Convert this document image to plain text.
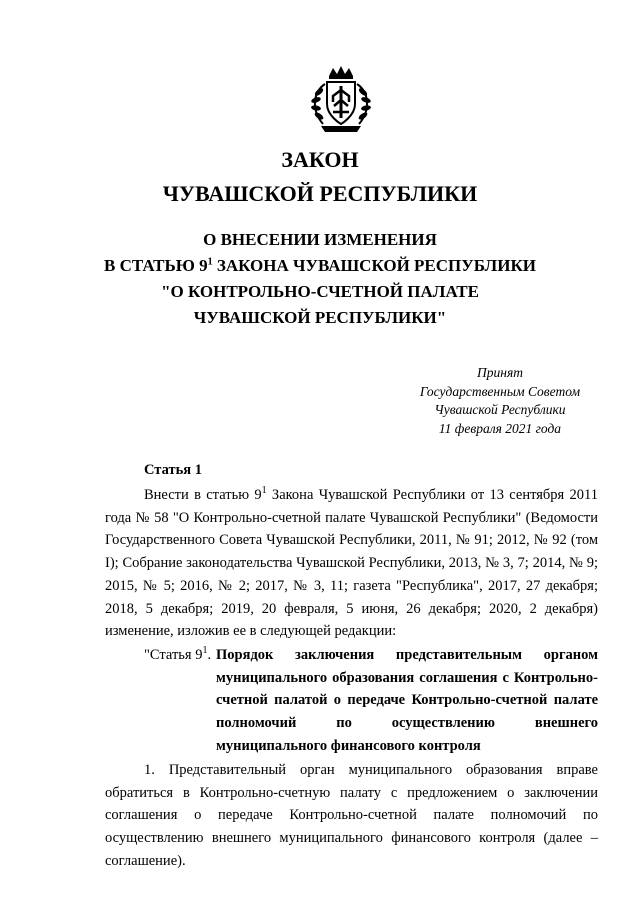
ЗАКОН
ЧУВАШСКОЙ РЕСПУБЛИКИ
О ВНЕСЕНИИ ИЗМЕНЕНИЯ
В СТАТЬЮ $9^1$ ЗАКОНА ЧУВАШСКОЙ РЕСПУБЛИКИ
"О КОНТРОЛЬНО-СЧЕТНОЙ ПАЛАТЕ
ЧУВАШСКОЙ РЕСПУБЛИКИ"
Принят
Государственным Советом
Чувашской Республики
11 февраля 2021 года
Статья 1
Внести в статью $9^1$ Закона Чувашской Республики от 13 сентября 2011 года № 58 "О Контрольно-счетной палате Чувашской Республики" (Ведомости Государственного Совета Чувашской Республики, 2011, № 91; 2012, № 92 (том I); Собрание законодательства Чувашской Республики, 2013, № 3, 7; 2014, № 9; 2015, № 5; 2016, № 2; 2017, № 3, 11; газета "Республика", 2017, 27 декабря; 2018, 5 декабря; 2019, 20 февраля, 5 июня, 26 декабря; 2020, 2 декабря) изменение, изложив ее в следующей редакции:
"Статья $9^1$. Порядок заключения представительным органом муниципального образования соглашения с Контрольно-счетной палатой о передаче Контрольно-счетной палате полномочий по осуществлению внешнего муниципального финансового контроля
1. Представительный орган муниципального образования вправе обратиться в Контрольно-счетную палату с предложением о заключении соглашения о передаче Контрольно-счетной палате полномочий по осуществлению внешнего муниципального финансового контроля (далее – соглашение).
